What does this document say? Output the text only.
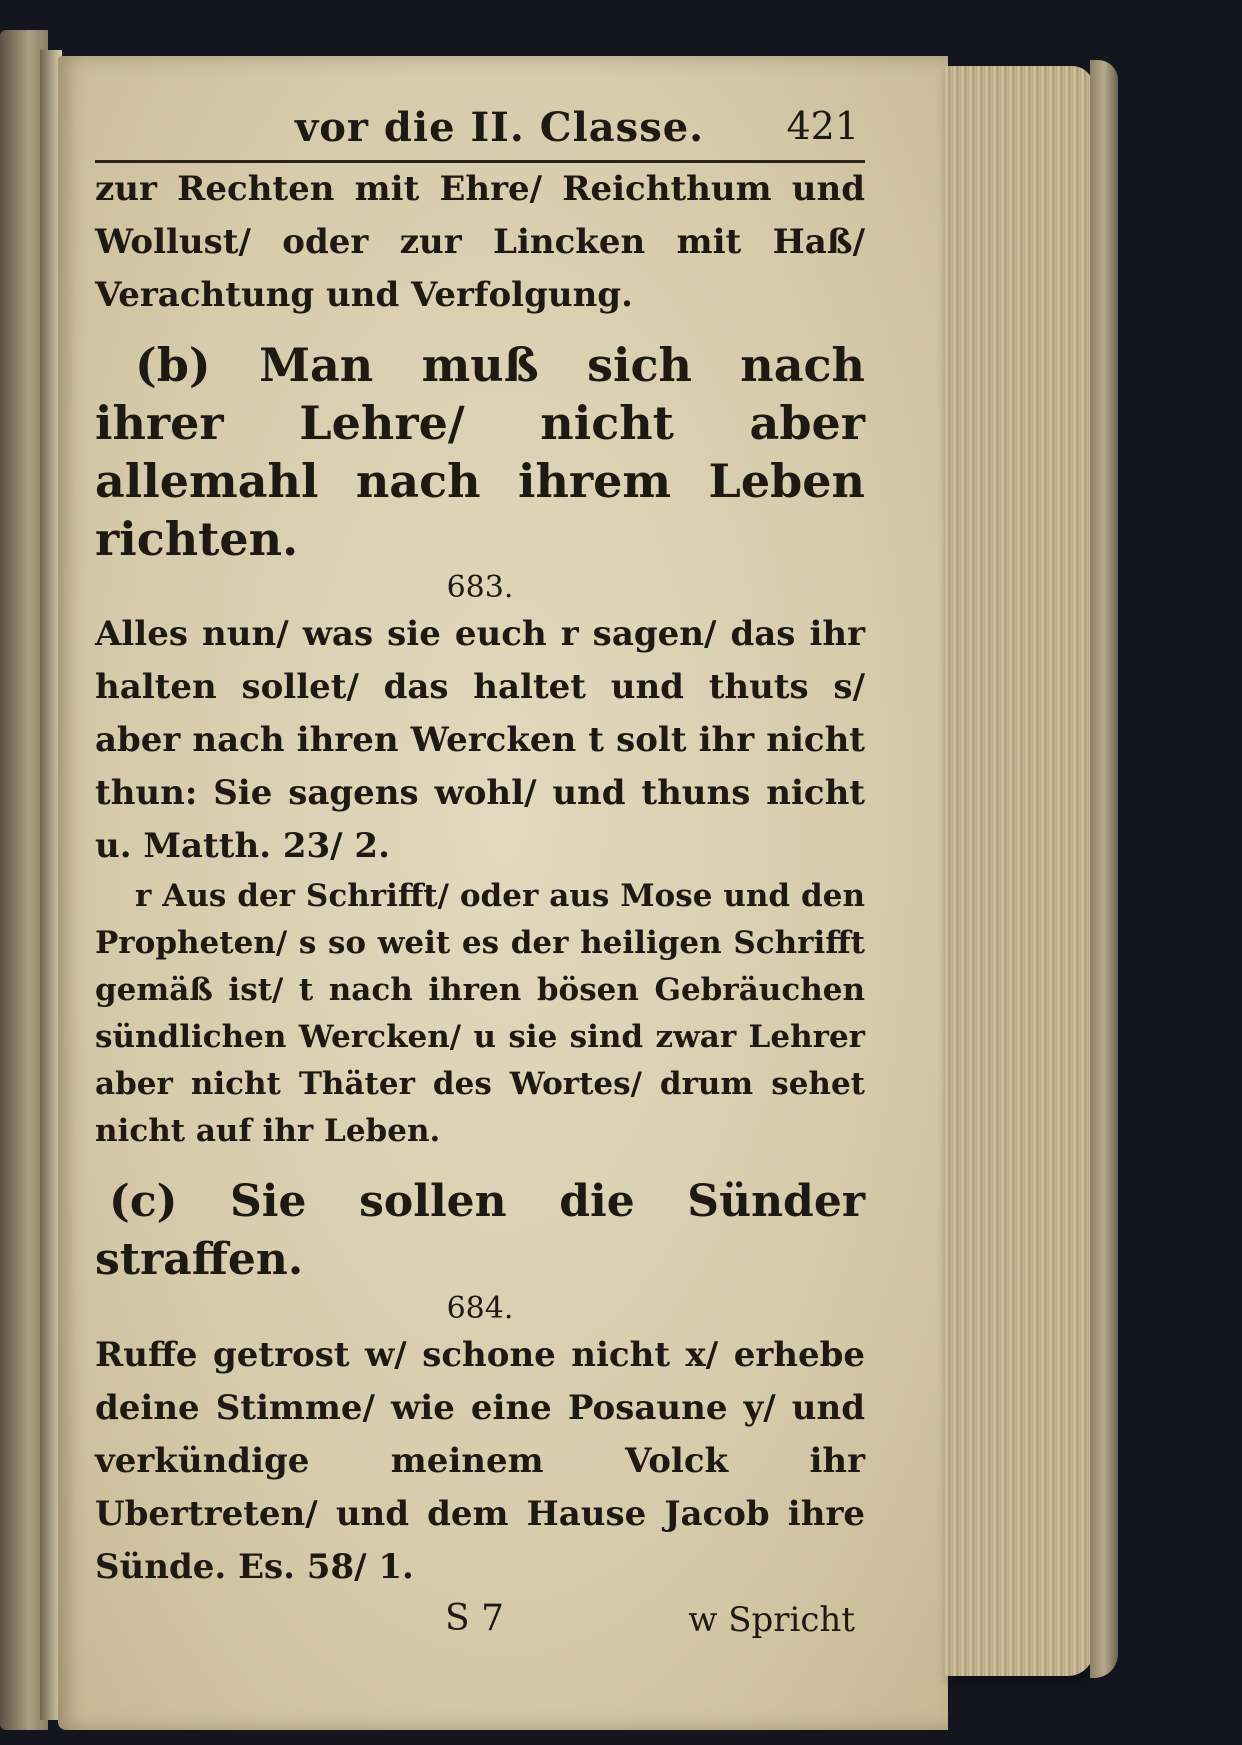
vor die II. Classe. 421

zur Rechten mit Ehre/ Reichthum und Wollust/ oder zur Lincken mit Haß/ Verachtung und Verfolgung.

(b) Man muß sich nach ihrer Lehre/ nicht aber allemahl nach ihrem Leben richten.

683.

Alles nun/ was sie euch r sagen/ das ihr halten sollet/ das haltet und thuts s/ aber nach ihren Wercken t solt ihr nicht thun: Sie sagens wohl/ und thuns nicht u. Matth. 23/ 2.

r Aus der Schrifft/ oder aus Mose und den Propheten/ s so weit es der heiligen Schrifft gemäß ist/ t nach ihren bösen Gebräuchen sündlichen Wercken/ u sie sind zwar Lehrer aber nicht Thäter des Wortes/ drum sehet nicht auf ihr Leben.

(c) Sie sollen die Sünder straffen.

684.

Ruffe getrost w/ schone nicht x/ erhebe deine Stimme/ wie eine Posaune y/ und verkündige meinem Volck ihr Ubertreten/ und dem Hause Jacob ihre Sünde. Es. 58/ 1.

S 7	w Spricht
